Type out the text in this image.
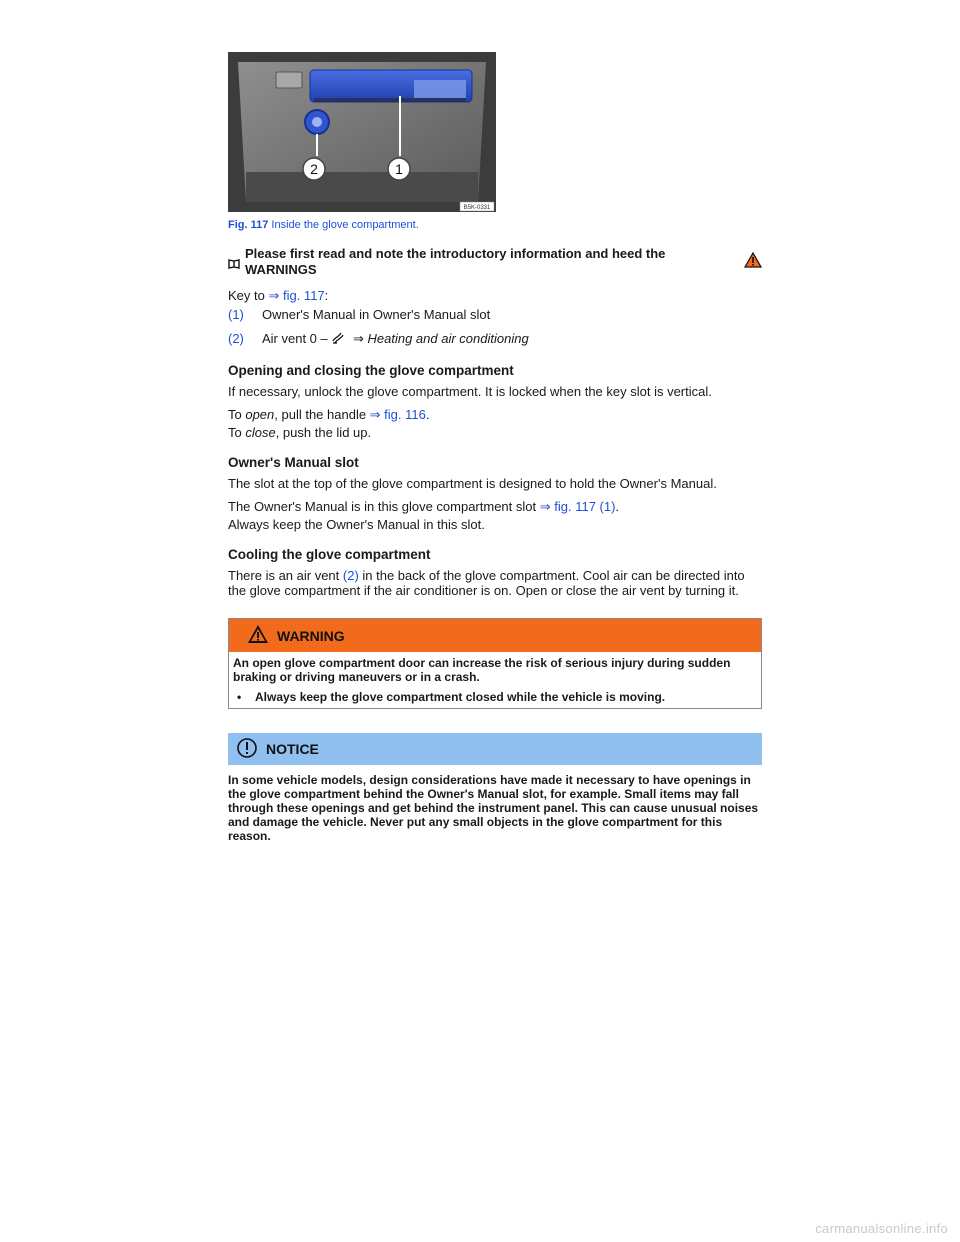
2	1
B5K-0331
Fig. 117 Inside the glove compartment.
Please first read and note the introductory information and heed the WARNINGS

Key to ⇒ fig. 117:

(1)	Owner's Manual in Owner's Manual slot
(2)	Air vent 0 –  ⇒ Heating and air conditioning
Opening and closing the glove compartment

If necessary, unlock the glove compartment. It is locked when the key slot is vertical.

To open, pull the handle ⇒ fig. 116.

To close, push the lid up.

Owner's Manual slot

The slot at the top of the glove compartment is designed to hold the Owner's Manual.

The Owner's Manual is in this glove compartment slot ⇒ fig. 117 (1).

Always keep the Owner's Manual in this slot.

Cooling the glove compartment

There is an air vent (2) in the back of the glove compartment. Cool air can be directed into the glove compartment if the air conditioner is on. Open or close the air vent by turning it.

WARNING

An open glove compartment door can increase the risk of serious injury during sudden braking or driving maneuvers or in a crash.

•	Always keep the glove compartment closed while the vehicle is moving.
NOTICE

In some vehicle models, design considerations have made it necessary to have openings in the glove compartment behind the Owner's Manual slot, for example. Small items may fall through these openings and get behind the instrument panel. This can cause unusual noises and damage the vehicle. Never put any small objects in the glove compartment for this reason.

carmanualsonline.info
